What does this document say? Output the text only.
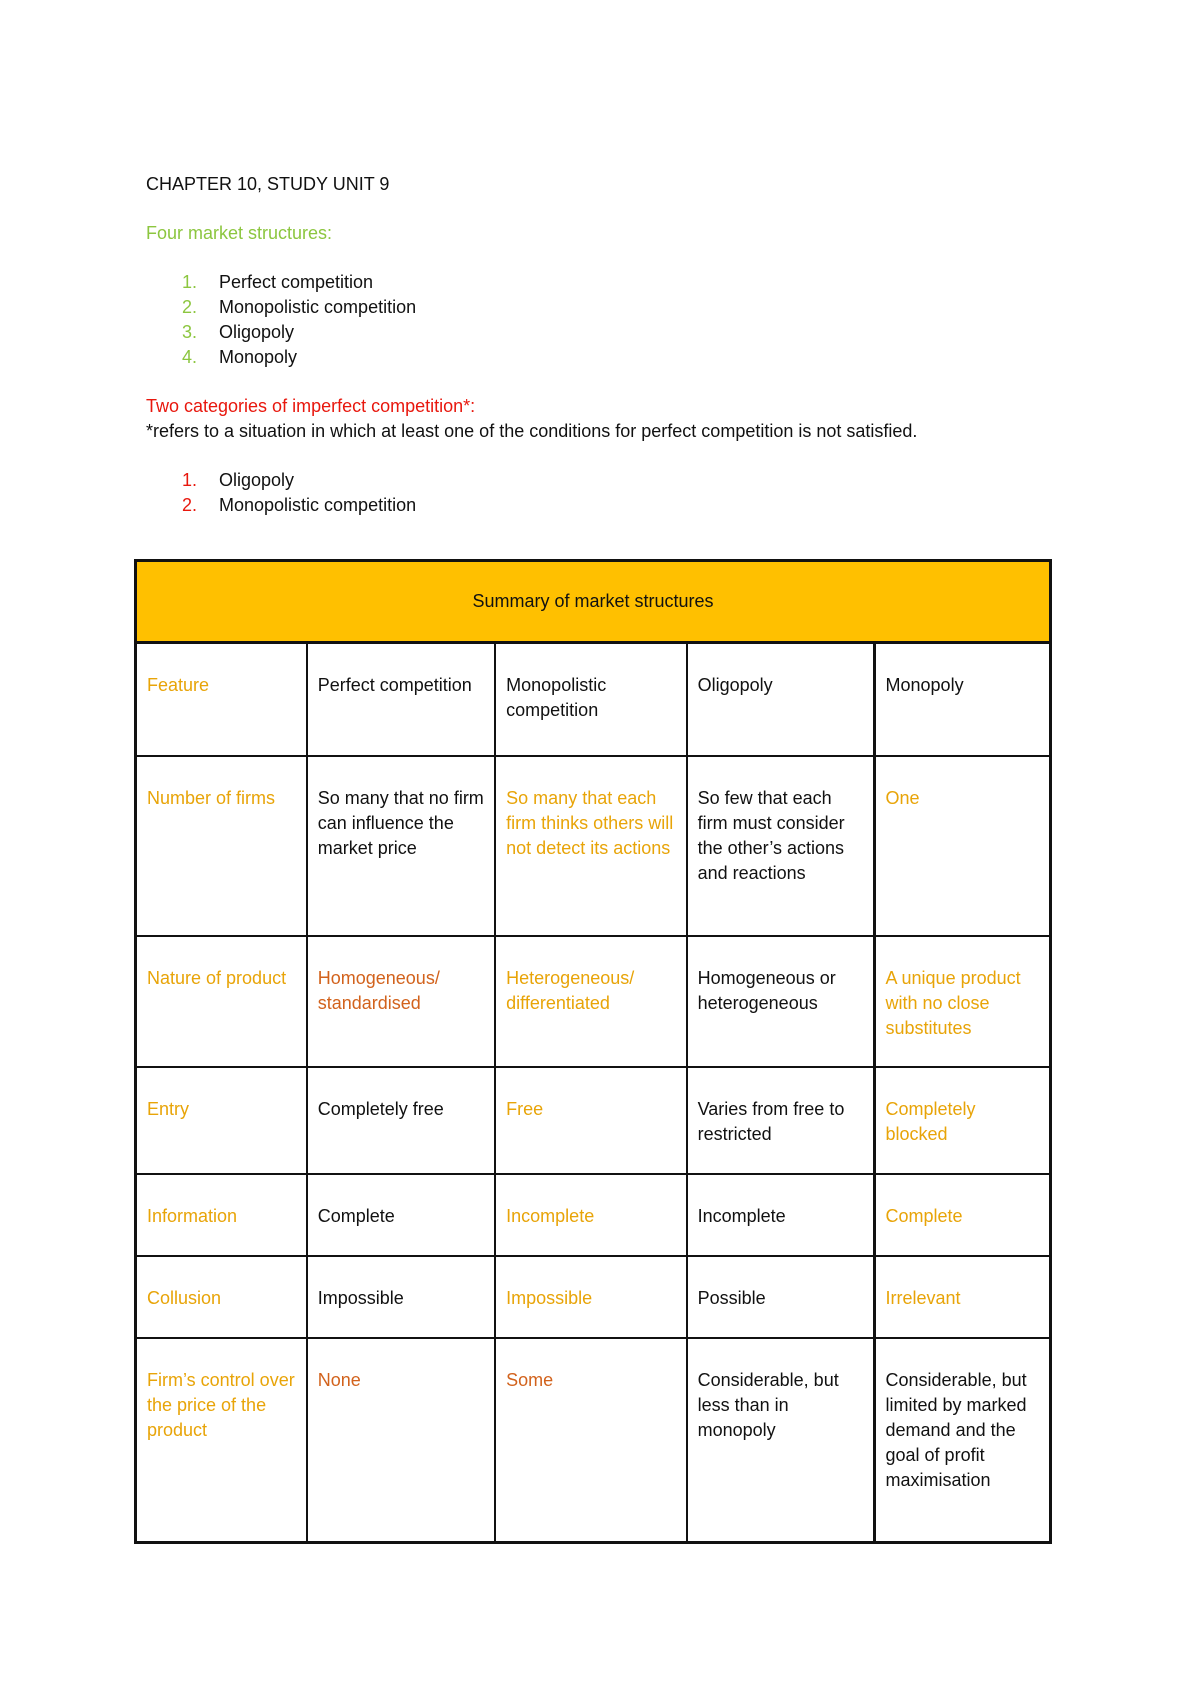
CHAPTER 10, STUDY UNIT 9

Four market structures:

1. Perfect competition
2. Monopolistic competition
3. Oligopoly
4. Monopoly

Two categories of imperfect competition*:
*refers to a situation in which at least one of the conditions for perfect competition is not satisfied.

1. Oligopoly
2. Monopolistic competition
Summary of market structures				
Feature	Perfect competition	Monopolistic competition	Oligopoly	Monopoly
Number of firms	So many that no firm can influence the market price	So many that each firm thinks others will not detect its actions	So few that each firm must consider the other’s actions and reactions	One
Nature of product	Homogeneous/ standardised	Heterogeneous/ differentiated	Homogeneous or heterogeneous	A unique product with no close substitutes
Entry	Completely free	Free	Varies from free to restricted	Completely blocked
Information	Complete	Incomplete	Incomplete	Complete
Collusion	Impossible	Impossible	Possible	Irrelevant
Firm’s control over the price of the product	None	Some	Considerable, but less than in monopoly	Considerable, but limited by marked demand and the goal of profit maximisation
